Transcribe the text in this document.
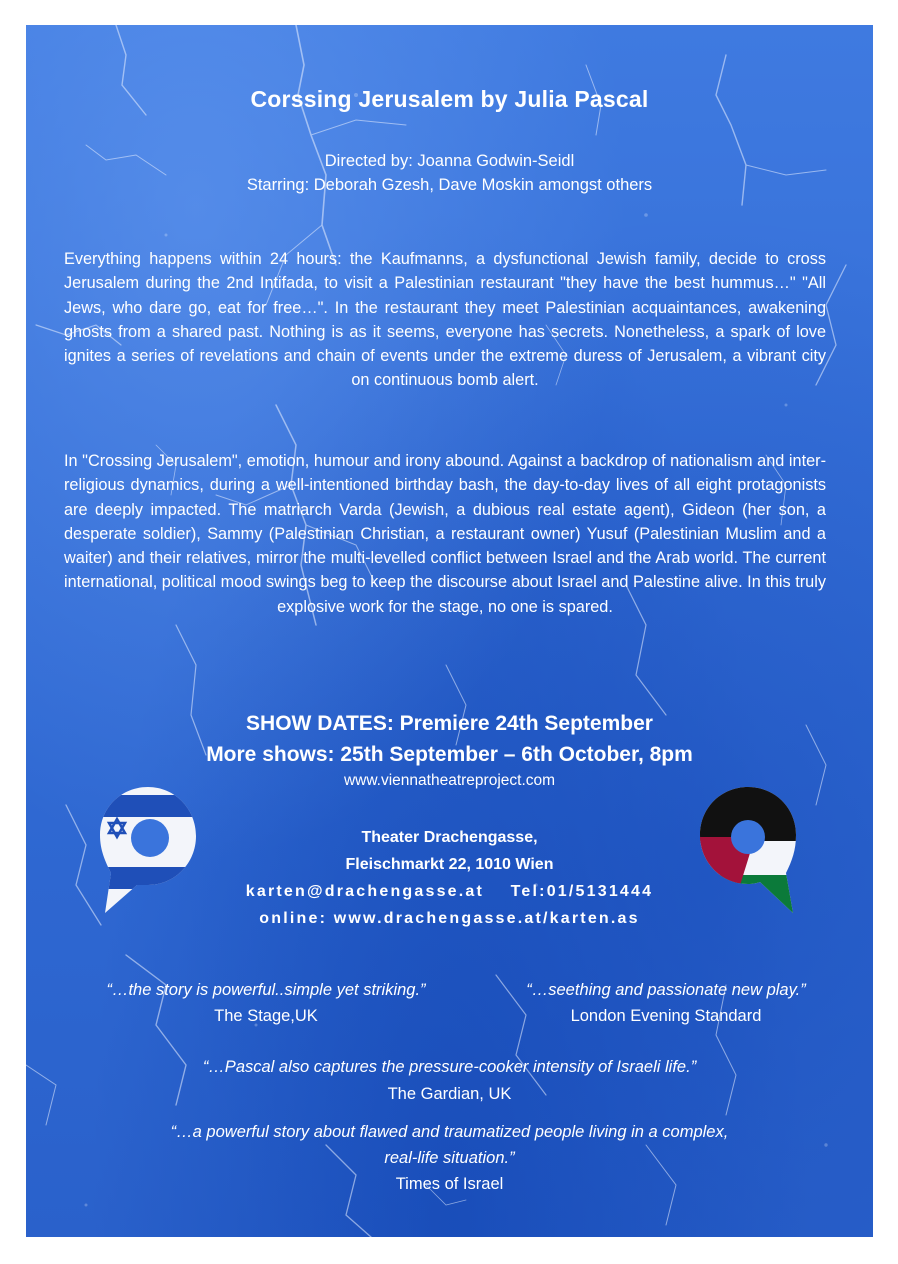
Corssing Jerusalem by Julia Pascal
Directed by: Joanna Godwin-Seidl
Starring: Deborah Gzesh, Dave Moskin amongst others
Everything happens within 24 hours: the Kaufmanns, a dysfunctional Jewish family, decide to cross Jerusalem during the 2nd Intifada, to visit a Palestinian restaurant "they have the best hummus…" "All Jews, who dare go, eat for free…". In the restaurant they meet Palestinian acquaintances, awakening ghosts from a shared past. Nothing is as it seems, everyone has secrets. Nonetheless, a spark of love ignites a series of revelations and chain of events under the extreme duress of Jerusalem, a vibrant city on continuous bomb alert.
In "Crossing Jerusalem", emotion, humour and irony abound. Against a backdrop of nationalism and inter-religious dynamics, during a well-intentioned birthday bash, the day-to-day lives of all eight protagonists are deeply impacted. The matriarch Varda (Jewish, a dubious real estate agent), Gideon (her son, a desperate soldier), Sammy (Palestinian Christian, a restaurant owner) Yusuf (Palestinian Muslim and a waiter) and their relatives, mirror the multi-levelled conflict between Israel and the Arab world. The current international, political mood swings beg to keep the discourse about Israel and Palestine alive. In this truly explosive work for the stage, no one is spared.
SHOW DATES: Premiere 24th September
More shows: 25th September – 6th October, 8pm
www.viennatheatreproject.com
Theater Drachengasse,
Fleischmarkt 22, 1010 Wien
karten@drachengasse.at    Tel:01/5131444
online: www.drachengasse.at/karten.as
“…the story is powerful..simple yet striking.”
The Stage,UK
“…seething and passionate new play.”
London Evening Standard
“…Pascal also captures the pressure-cooker intensity of Israeli life.”
The Gardian, UK
“…a powerful story about flawed and traumatized people living in a complex,
real-life situation.”
Times of Israel
